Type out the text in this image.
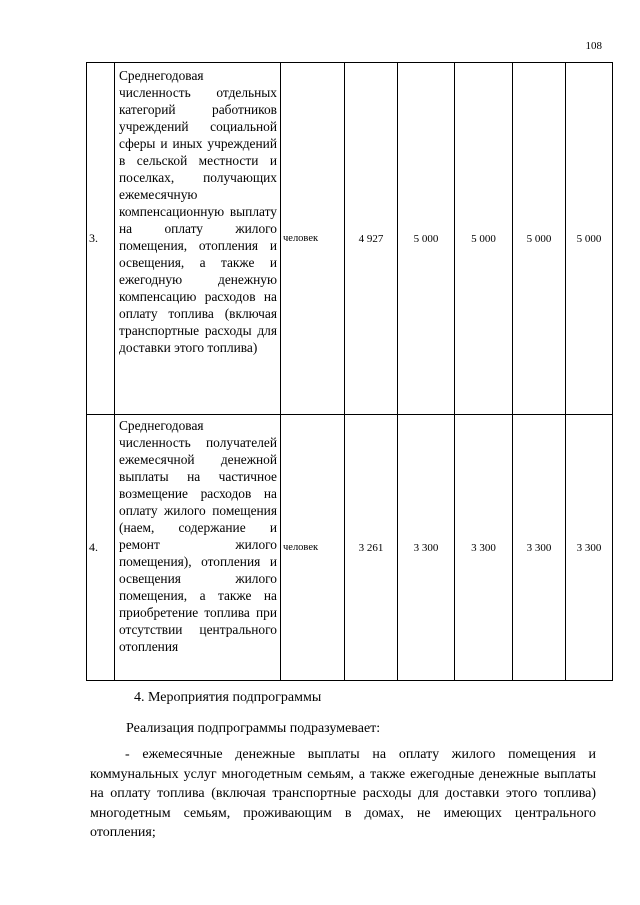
108
3.	Среднегодовая численность отдельных категорий работников учреждений социальной сферы и иных учреждений в сельской местности и поселках, получающих ежемесячную компенсационную выплату на оплату жилого помещения, отопления и освещения, а также и ежегодную денежную компенсацию расходов на оплату топлива (включая транспортные расходы для доставки этого топлива)	человек	4 927	5 000	5 000	5 000	5 000
4.	Среднегодовая численность получателей ежемесячной денежной выплаты на частичное возмещение расходов на оплату жилого помещения (наем, содержание и ремонт жилого помещения), отопления и освещения жилого помещения, а также на приобретение топлива при отсутствии центрального отопления	человек	3 261	3 300	3 300	3 300	3 300
4. Мероприятия подпрограммы
Реализация подпрограммы подразумевает:
- ежемесячные денежные выплаты на оплату жилого помещения и коммунальных услуг многодетным семьям, а также ежегодные денежные выплаты на оплату топлива (включая транспортные расходы для доставки этого топлива) многодетным семьям, проживающим в домах, не имеющих центрального отопления;
